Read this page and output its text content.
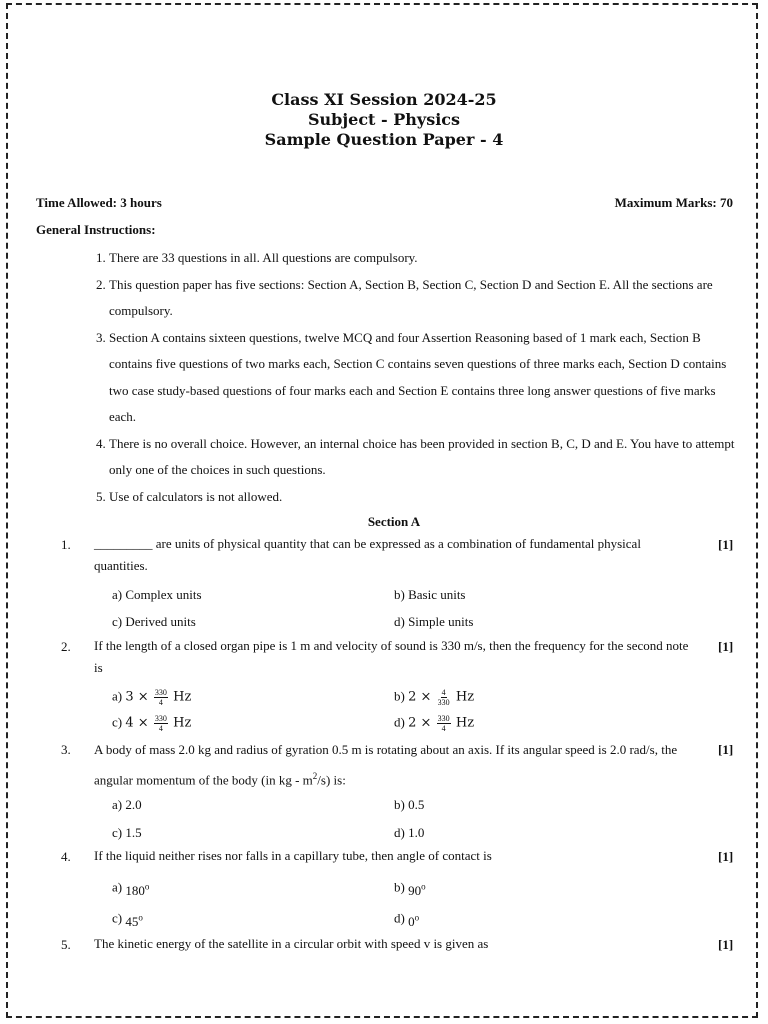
Class XI Session 2024-25
Subject - Physics
Sample Question Paper - 4
Time Allowed: 3 hours	Maximum Marks: 70
General Instructions:
1. There are 33 questions in all. All questions are compulsory.
2. This question paper has five sections: Section A, Section B, Section C, Section D and Section E. All the sections are compulsory.
3. Section A contains sixteen questions, twelve MCQ and four Assertion Reasoning based of 1 mark each, Section B contains five questions of two marks each, Section C contains seven questions of three marks each, Section D contains two case study-based questions of four marks each and Section E contains three long answer questions of five marks each.
4. There is no overall choice. However, an internal choice has been provided in section B, C, D and E. You have to attempt only one of the choices in such questions.
5. Use of calculators is not allowed.
Section A
1. _________ are units of physical quantity that can be expressed as a combination of fundamental physical quantities.
[1]
a) Complex units	b) Basic units
c) Derived units	d) Simple units
2. If the length of a closed organ pipe is 1 m and velocity of sound is 330 m/s, then the frequency for the second note is
[1]
a) $3 \times \frac{330}{4}$ Hz	b) $2 \times \frac{4}{330}$ Hz
c) $4 \times \frac{330}{4}$ Hz	d) $2 \times \frac{330}{4}$ Hz
3. A body of mass 2.0 kg and radius of gyration 0.5 m is rotating about an axis. If its angular speed is 2.0 rad/s, the angular momentum of the body (in kg - $m^2/s$) is:
[1]
a) 2.0	b) 0.5
c) 1.5	d) 1.0
4. If the liquid neither rises nor falls in a capillary tube, then angle of contact is	[1]
a) 180$^o$	b) 90$^o$
c) 45$^o$	d) 0$^o$
5. The kinetic energy of the satellite in a circular orbit with speed v is given as	[1]
